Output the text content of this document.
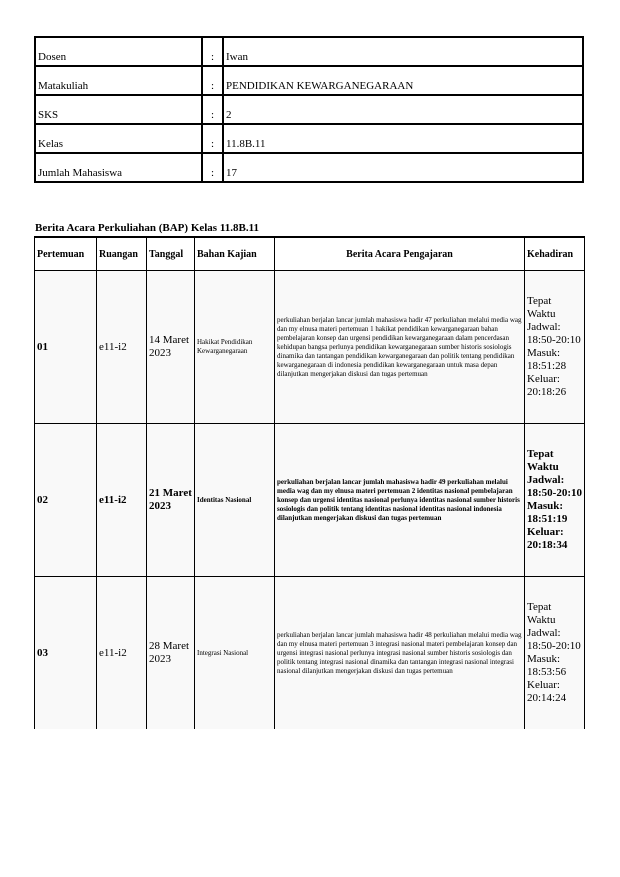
Dosen	:	Iwan
Matakuliah	:	PENDIDIKAN KEWARGANEGARAAN
SKS	:	2
Kelas	:	11.8B.11
Jumlah Mahasiswa	:	17
Berita Acara Perkuliahan (BAP) Kelas 11.8B.11
Pertemuan	Ruangan	Tanggal	Bahan Kajian	Berita Acara Pengajaran	Kehadiran
01	e11-i2	14 Maret 2023	Hakikat Pendidikan Kewarganegaraan	perkuliahan berjalan lancar jumlah mahasiswa hadir 47 perkuliahan melalui media wag dan my elnusa materi pertemuan 1 hakikat pendidikan kewarganegaraan bahan pembelajaran konsep dan urgensi pendidikan kewarganegaraan dalam pencerdasan kehidupan bangsa perlunya pendidikan kewarganegaraan sumber historis sosiologis dinamika dan tantangan pendidikan kewarganegaraan dan politik tentang pendidikan kewarganegaraan di indonesia pendidikan kewarganegaraan untuk masa depan dilanjutkan mengerjakan diskusi dan tugas pertemuan	Tepat Waktu Jadwal: 18:50-20:10 Masuk: 18:51:28 Keluar: 20:18:26
02	e11-i2	21 Maret 2023	Identitas Nasional	perkuliahan berjalan lancar jumlah mahasiswa hadir 49 perkuliahan melalui media wag dan my elnusa materi pertemuan 2 identitas nasional pembelajaran konsep dan urgensi identitas nasional perlunya identitas nasional sumber historis sosiologis dan politik tentang identitas nasional identitas nasional indonesia dilanjutkan mengerjakan diskusi dan tugas pertemuan	Tepat Waktu Jadwal: 18:50-20:10 Masuk: 18:51:19 Keluar: 20:18:34
03	e11-i2	28 Maret 2023	Integrasi Nasional	perkuliahan berjalan lancar jumlah mahasiswa hadir 48 perkuliahan melalui media wag dan my elnusa materi pertemuan 3 integrasi nasional materi pembelajaran konsep dan urgensi integrasi nasional perlunya integrasi nasional sumber historis sosiologis dan politik tentang integrasi nasional dinamika dan tantangan integrasi nasional integrasi nasional dilanjutkan mengerjakan diskusi dan tugas pertemuan	Tepat Waktu Jadwal: 18:50-20:10 Masuk: 18:53:56 Keluar: 20:14:24
